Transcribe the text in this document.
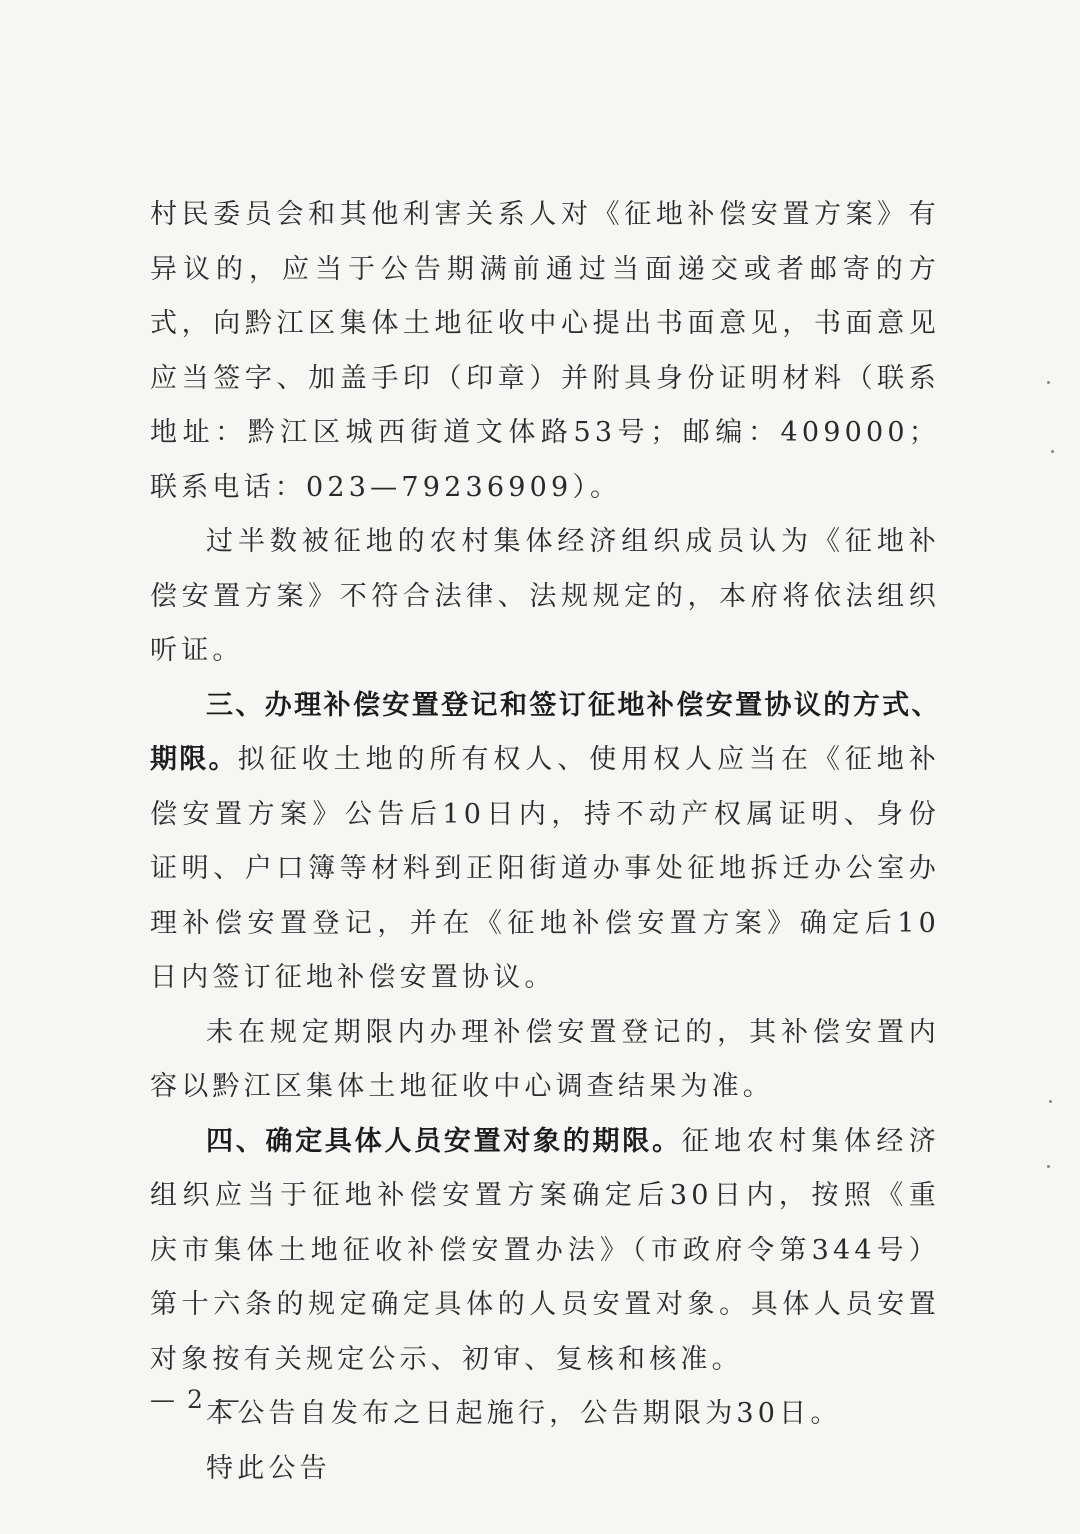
村民委员会和其他利害关系人对《征地补偿安置方案》有异议的，应当于公告期满前通过当面递交或者邮寄的方式，向黔江区集体土地征收中心提出书面意见，书面意见应当签字、加盖手印（印章）并附具身份证明材料（联系地址：黔江区城西街道文体路53号；邮编：409000；联系电话：023—79236909）。

过半数被征地的农村集体经济组织成员认为《征地补偿安置方案》不符合法律、法规规定的，本府将依法组织听证。

三、办理补偿安置登记和签订征地补偿安置协议的方式、期限。拟征收土地的所有权人、使用权人应当在《征地补偿安置方案》公告后10日内，持不动产权属证明、身份证明、户口簿等材料到正阳街道办事处征地拆迁办公室办理补偿安置登记，并在《征地补偿安置方案》确定后10日内签订征地补偿安置协议。

未在规定期限内办理补偿安置登记的，其补偿安置内容以黔江区集体土地征收中心调查结果为准。

四、确定具体人员安置对象的期限。征地农村集体经济组织应当于征地补偿安置方案确定后30日内，按照《重庆市集体土地征收补偿安置办法》（市政府令第344号）第十六条的规定确定具体的人员安置对象。具体人员安置对象按有关规定公示、初审、复核和核准。

本公告自发布之日起施行，公告期限为30日。

特此公告

— 2 —
